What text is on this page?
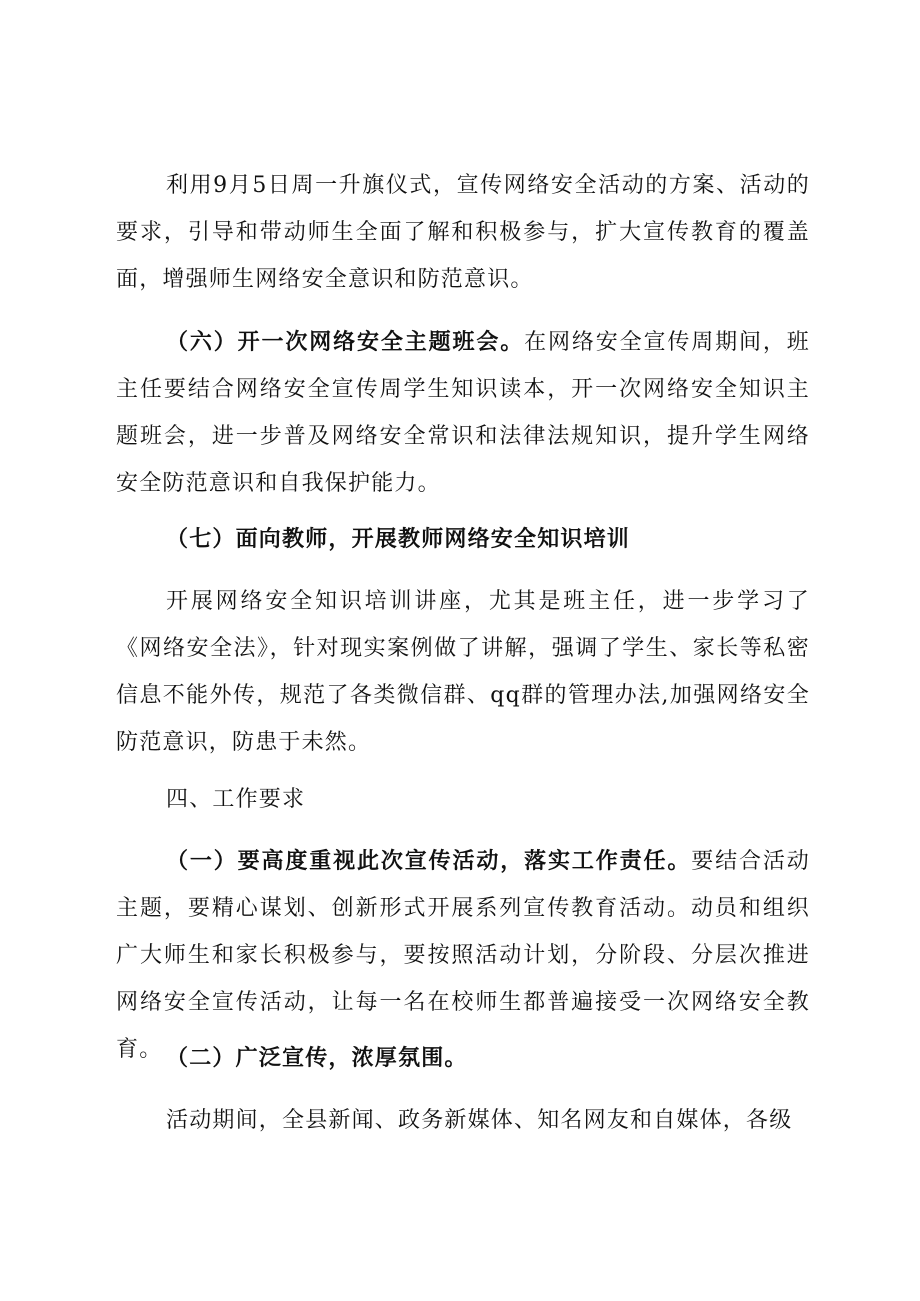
利用9月5日周一升旗仪式，宣传网络安全活动的方案、活动的要求，引导和带动师生全面了解和积极参与，扩大宣传教育的覆盖面，增强师生网络安全意识和防范意识。

（六）开一次网络安全主题班会。在网络安全宣传周期间，班主任要结合网络安全宣传周学生知识读本，开一次网络安全知识主题班会，进一步普及网络安全常识和法律法规知识，提升学生网络安全防范意识和自我保护能力。

（七）面向教师，开展教师网络安全知识培训

开展网络安全知识培训讲座，尤其是班主任，进一步学习了《网络安全法》，针对现实案例做了讲解，强调了学生、家长等私密信息不能外传，规范了各类微信群、qq群的管理办法,加强网络安全防范意识，防患于未然。

四、工作要求

（一）要高度重视此次宣传活动，落实工作责任。要结合活动主题，要精心谋划、创新形式开展系列宣传教育活动。动员和组织广大师生和家长积极参与，要按照活动计划，分阶段、分层次推进网络安全宣传活动，让每一名在校师生都普遍接受一次网络安全教育。 （二）广泛宣传，浓厚氛围。

活动期间，全县新闻、政务新媒体、知名网友和自媒体，各级
